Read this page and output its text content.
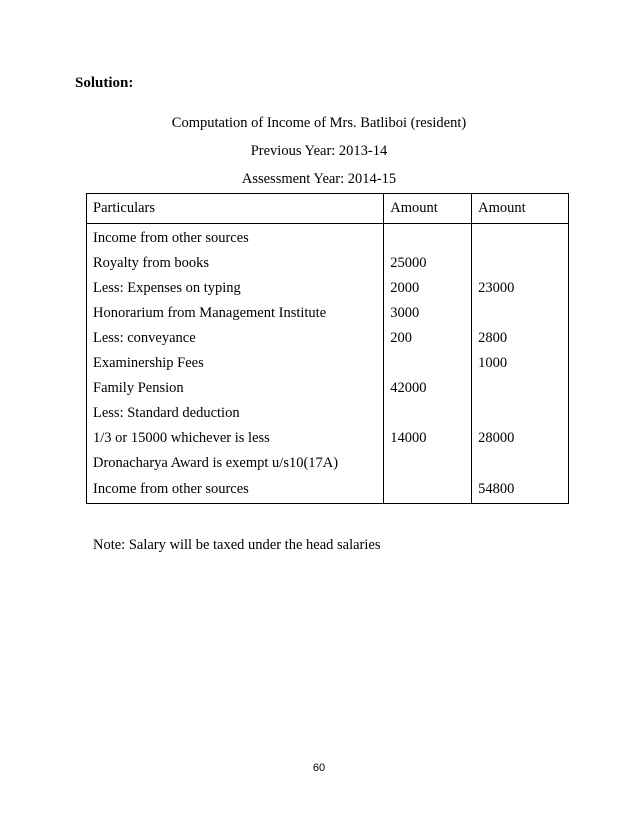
Solution:
Computation of Income of Mrs. Batliboi (resident)
Previous Year: 2013-14
Assessment Year: 2014-15
Particulars	Amount	Amount
Income from other sources		
Royalty from books	25000	
Less: Expenses on typing	2000	23000
Honorarium from Management Institute	3000	
Less: conveyance	200	2800
Examinership Fees		1000
Family Pension	42000	
Less: Standard deduction		
1/3 or 15000 whichever is less	14000	28000
Dronacharya Award is exempt u/s10(17A)		
Income from other sources		54800
Note: Salary will be taxed under the head salaries
60
